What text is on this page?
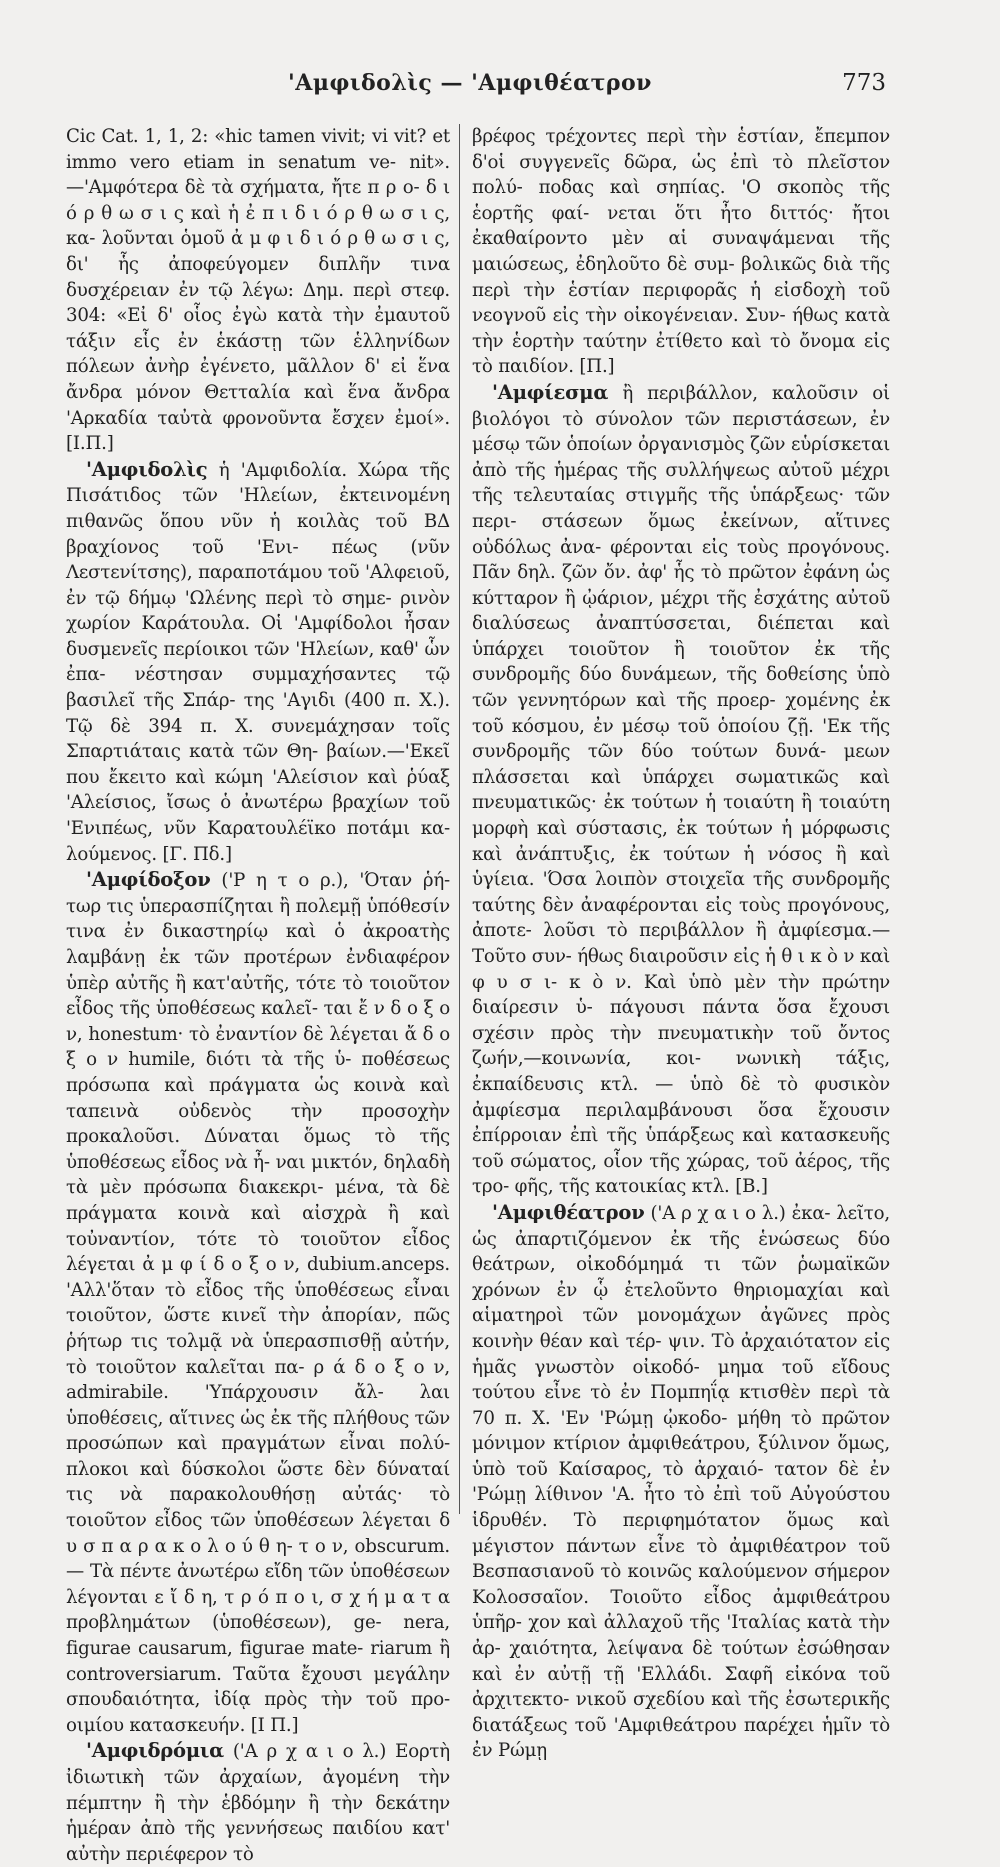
'Αμφιδολὶς — 'Αμφιθέατρον	773

Cic Cat. 1, 1, 2: «hic tamen vivit; vi vit? et immo vero etiam in senatum ve- nit».—'Αμφότερα δὲ τὰ σχήματα, ἤτε π ρ ο- δ ι ό ρ θ ω σ ι ς καὶ ἡ ἐ π ι δ ι ό ρ θ ω σ ι ς, κα- λοῦνται ὁμοῦ ἀ μ φ ι δ ι ό ρ θ ω σ ι ς, δι' ἧς ἀποφεύγομεν διπλῆν τινα δυσχέρειαν ἐν τῷ λέγω: Δημ. περὶ στεφ. 304: «Εἰ δ' οἷος ἐγὼ κατὰ τὴν ἐμαυτοῦ τάξιν εἷς ἐν ἑκάστῃ τῶν ἑλληνίδων πόλεων ἀνὴρ ἐγένετο, μᾶλλον δ' εἰ ἕνα ἄνδρα μόνον Θετταλία καὶ ἕνα ἄνδρα 'Αρκαδία ταὐτὰ φρονοῦντα ἔσχεν ἐμοί». [Ι.Π.]

'Αμφιδολὶς ἡ 'Αμφιδολία. Χώρα τῆς Πισάτιδος τῶν 'Ηλείων, ἐκτεινομένη πιθανῶς ὅπου νῦν ἡ κοιλὰς τοῦ ΒΔ βραχίονος τοῦ 'Ενι- πέως (νῦν Λεστενίτσης), παραποτάμου τοῦ 'Αλφειοῦ, ἐν τῷ δήμῳ 'Ωλένης περὶ τὸ σημε- ρινὸν χωρίον Καράτουλα. Οἱ 'Αμφίδολοι ἦσαν δυσμενεῖς περίοικοι τῶν 'Ηλείων, καθ' ὧν ἐπα- νέστησαν συμμαχήσαντες τῷ βασιλεῖ τῆς Σπάρ- της 'Αγιδι (400 π. Χ.). Τῷ δὲ 394 π. Χ. συνεμάχησαν τοῖς Σπαρτιάταις κατὰ τῶν Θη- βαίων.—'Εκεῖ που ἔκειτο καὶ κώμη 'Αλείσιον καὶ ῥύαξ 'Αλείσιος, ἴσως ὁ ἀνωτέρω βραχίων τοῦ 'Ενιπέως, νῦν Καρατουλέϊκο ποτάμι κα- λούμενος. [Γ. Πδ.]

'Αμφίδοξον ('Ρ η τ ο ρ.), 'Όταν ῥή- τωρ τις ὑπερασπίζηται ἢ πολεμῇ ὑπόθεσίν τινα ἐν δικαστηρίῳ καὶ ὁ ἀκροατὴς λαμβάνῃ ἐκ τῶν προτέρων ἐνδιαφέρον ὑπὲρ αὐτῆς ἢ κατ'αὐτῆς, τότε τὸ τοιοῦτον εἶδος τῆς ὑποθέσεως καλεῖ- ται ἔ ν δ ο ξ ο ν, honestum· τὸ ἐναντίον δὲ λέγεται ἄ δ ο ξ ο ν humile, διότι τὰ τῆς ὑ- ποθέσεως πρόσωπα καὶ πράγματα ὡς κοινὰ καὶ ταπεινὰ οὐδενὸς τὴν προσοχὴν προκαλοῦσι. Δύναται ὅμως τὸ τῆς ὑποθέσεως εἶδος νὰ ἦ- ναι μικτόν, δηλαδὴ τὰ μὲν πρόσωπα διακεκρι- μένα, τὰ δὲ πράγματα κοινὰ καὶ αἰσχρὰ ἢ καὶ τοὐναντίον, τότε τὸ τοιοῦτον εἶδος λέγεται ἀ μ φ ί δ ο ξ ο ν, dubium.anceps. 'Αλλ'ὅταν τὸ εἶδος τῆς ὑποθέσεως εἶναι τοιοῦτον, ὥστε κινεῖ τὴν ἀπορίαν, πῶς ῥήτωρ τις τολμᾷ νὰ ὑπερασπισθῇ αὐτήν, τὸ τοιοῦτον καλεῖται πα- ρ ά δ ο ξ ο ν, admirabile. 'Υπάρχουσιν ἄλ- λαι ὑποθέσεις, αἵτινες ὡς ἐκ τῆς πλήθους τῶν προσώπων καὶ πραγμάτων εἶναι πολύ- πλοκοι καὶ δύσκολοι ὥστε δὲν δύναταί τις νὰ παρακολουθήσῃ αὐτάς· τὸ τοιοῦτον εἶδος τῶν ὑποθέσεων λέγεται δ υ σ π α ρ α κ ο λ ο ύ θ η- τ ο ν, obscurum. — Τὰ πέντε ἀνωτέρω εἴδη τῶν ὑποθέσεων λέγονται ε ἴ δ η, τ ρ ό π ο ι, σ χ ή μ α τ α προβλημάτων (ὑποθέσεων), ge- nera, figurae causarum, figurae mate- riarum ἢ controversiarum. Ταῦτα ἔχουσι μεγάλην σπουδαιότητα, ἰδίᾳ πρὸς τὴν τοῦ προ- οιμίου κατασκευήν. [Ι Π.]

'Αμφιδρόμια ('Α ρ χ α ι ο λ.) Εορτὴ ἰδιωτικὴ τῶν ἀρχαίων, ἀγομένη τὴν πέμπτην ἢ τὴν ἑβδόμην ἢ τὴν δεκάτην ἡμέραν ἀπὸ τῆς γεννήσεως παιδίου κατ' αὐτὴν περιέφερον τὸ

βρέφος τρέχοντες περὶ τὴν ἑστίαν, ἔπεμπον δ'οἱ συγγενεῖς δῶρα, ὡς ἐπὶ τὸ πλεῖστον πολύ- ποδας καὶ σηπίας. 'Ο σκοπὸς τῆς ἑορτῆς φαί- νεται ὅτι ἦτο διττός· ἤτοι ἐκαθαίροντο μὲν αἱ συναψάμεναι τῆς μαιώσεως, ἐδηλοῦτο δὲ συμ- βολικῶς διὰ τῆς περὶ τὴν ἑστίαν περιφορᾶς ἡ εἰσδοχὴ τοῦ νεογνοῦ εἰς τὴν οἰκογένειαν. Συν- ήθως κατὰ τὴν ἑορτὴν ταύτην ἐτίθετο καὶ τὸ ὄνομα εἰς τὸ παιδίον. [Π.]

'Αμφίεσμα ἢ περιβάλλον, καλοῦσιν οἱ βιολόγοι τὸ σύνολον τῶν περιστάσεων, ἐν μέσῳ τῶν ὁποίων ὀργανισμὸς ζῶν εὑρίσκεται ἀπὸ τῆς ἡμέρας τῆς συλλήψεως αὐτοῦ μέχρι τῆς τελευταίας στιγμῆς τῆς ὑπάρξεως· τῶν περι- στάσεων ὅμως ἐκείνων, αἵτινες οὐδόλως ἀνα- φέρονται εἰς τοὺς προγόνους. Πᾶν δηλ. ζῶν ὄν. ἀφ' ἧς τὸ πρῶτον ἐφάνη ὡς κύτταρον ἢ ᾠάριον, μέχρι τῆς ἐσχάτης αὐτοῦ διαλύσεως ἀναπτύσσεται, διέπεται καὶ ὑπάρχει τοιοῦτον ἢ τοιοῦτον ἐκ τῆς συνδρομῆς δύο δυνάμεων, τῆς δοθείσης ὑπὸ τῶν γεννητόρων καὶ τῆς προερ- χομένης ἐκ τοῦ κόσμου, ἐν μέσῳ τοῦ ὁποίου ζῇ. 'Εκ τῆς συνδρομῆς τῶν δύο τούτων δυνά- μεων πλάσσεται καὶ ὑπάρχει σωματικῶς καὶ πνευματικῶς· ἐκ τούτων ἡ τοιαύτη ἢ τοιαύτη μορφὴ καὶ σύστασις, ἐκ τούτων ἡ μόρφωσις καὶ ἀνάπτυξις, ἐκ τούτων ἡ νόσος ἢ καὶ ὑγίεια. 'Όσα λοιπὸν στοιχεῖα τῆς συνδρομῆς ταύτης δὲν ἀναφέρονται εἰς τοὺς προγόνους, ἀποτε- λοῦσι τὸ περιβάλλον ἢ ἀμφίεσμα.—Τοῦτο συν- ήθως διαιροῦσιν εἰς ἡ θ ι κ ὸ ν καὶ φ υ σ ι- κ ὸ ν. Καὶ ὑπὸ μὲν τὴν πρώτην διαίρεσιν ὑ- πάγουσι πάντα ὅσα ἔχουσι σχέσιν πρὸς τὴν πνευματικὴν τοῦ ὄντος ζωήν,—κοινωνία, κοι- νωνικὴ τάξις, ἐκπαίδευσις κτλ. — ὑπὸ δὲ τὸ φυσικὸν ἀμφίεσμα περιλαμβάνουσι ὅσα ἔχουσιν ἐπίρροιαν ἐπὶ τῆς ὑπάρξεως καὶ κατασκευῆς τοῦ σώματος, οἷον τῆς χώρας, τοῦ ἀέρος, τῆς τρο- φῆς, τῆς κατοικίας κτλ. [Β.]

'Αμφιθέατρον ('Α ρ χ α ι ο λ.) ἐκα- λεῖτο, ὡς ἀπαρτιζόμενον ἐκ τῆς ἑνώσεως δύο θεάτρων, οἰκοδόμημά τι τῶν ῥωμαϊκῶν χρόνων ἐν ᾧ ἐτελοῦντο θηριομαχίαι καὶ αἱματηροὶ τῶν μονομάχων ἀγῶνες πρὸς κοινὴν θέαν καὶ τέρ- ψιν. Τὸ ἀρχαιότατον εἰς ἡμᾶς γνωστὸν οἰκοδό- μημα τοῦ εἴδους τούτου εἶνε τὸ ἐν Πομπηΐᾳ κτισθὲν περὶ τὰ 70 π. Χ. 'Εν 'Ρώμῃ ᾠκοδο- μήθη τὸ πρῶτον μόνιμον κτίριον ἀμφιθεάτρου, ξύλινον ὅμως, ὑπὸ τοῦ Καίσαρος, τὸ ἀρχαιό- τατον δὲ ἐν 'Ρώμῃ λίθινον 'Α. ἦτο τὸ ἐπὶ τοῦ Αὐγούστου ἱδρυθέν. Τὸ περιφημότατον ὅμως καὶ μέγιστον πάντων εἶνε τὸ ἀμφιθέατρον τοῦ Βεσπασιανοῦ τὸ κοινῶς καλούμενον σήμερον Κολοσσαῖον. Τοιοῦτο εἶδος ἀμφιθεάτρου ὑπῆρ- χον καὶ ἀλλαχοῦ τῆς 'Ιταλίας κατὰ τὴν ἀρ- χαιότητα, λείψανα δὲ τούτων ἐσώθησαν καὶ ἐν αὐτῇ τῇ 'Ελλάδι. Σαφῆ εἰκόνα τοῦ ἀρχιτεκτο- νικοῦ σχεδίου καὶ τῆς ἐσωτερικῆς διατάξεως τοῦ 'Αμφιθεάτρου παρέχει ἡμῖν τὸ ἐν Ρώμῃ
